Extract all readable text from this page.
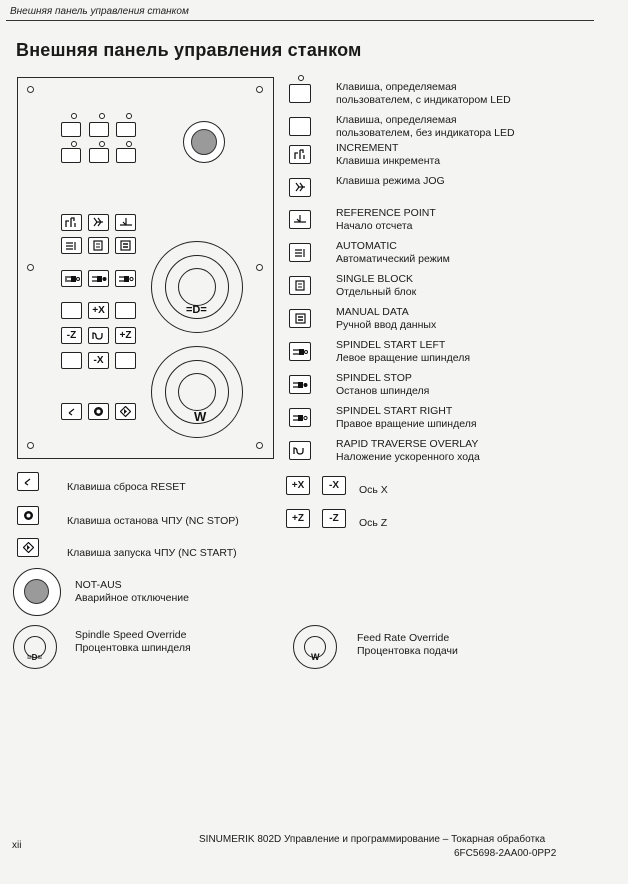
Внешняя панель управления станком
Внешняя панель управления станком
+X
-Z	+Z
-X
=D=
W
Клавиша, определяемая
пользователем, с индикатором LED
Клавиша, определяемая
пользователем, без индикатора LED
INCREMENT
Клавиша инкремента
Клавиша режима JOG
REFERENCE POINT
Начало отсчета
AUTOMATIC
Автоматический режим
SINGLE BLOCK
Отдельный блок
MANUAL DATA
Ручной ввод данных
SPINDEL START LEFT
Левое вращение шпинделя
SPINDEL STOP
Останов шпинделя
SPINDEL START RIGHT
Правое вращение шпинделя
RAPID TRAVERSE OVERLAY
Наложение ускоренного хода
Клавиша сброса RESET
Клавиша останова ЧПУ (NC STOP)
Клавиша запуска ЧПУ (NC START)
+X	-X	Ось X
+Z	-Z	Ось Z
NOT-AUS
Аварийное отключение
=D=
Spindle Speed Override
Процентовка шпинделя
W
Feed Rate Override
Процентовка подачи
xii
SINUMERIK 802D Управление и программирование – Токарная обработка
6FC5698-2AA00-0PP2
